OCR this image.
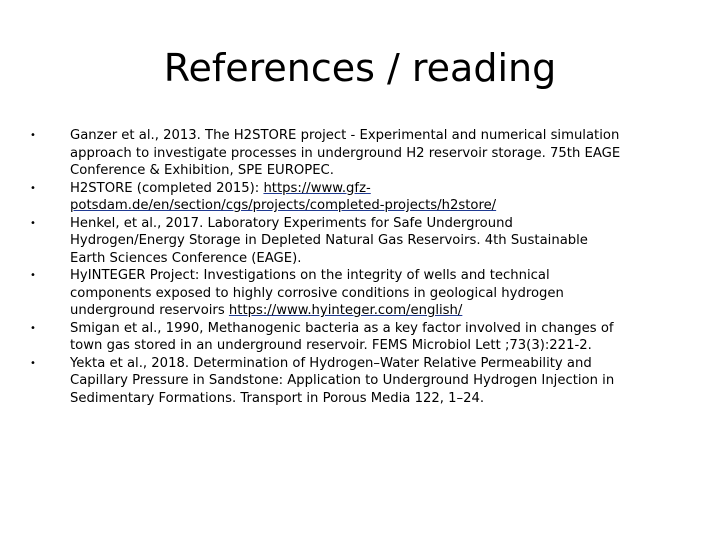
References / reading
•	Ganzer et al., 2013. The H2STORE project - Experimental and numerical simulation
approach to investigate processes in underground H2 reservoir storage. 75th EAGE
Conference & Exhibition, SPE EUROPEC.
•	H2STORE (completed 2015): https://www.gfz-
potsdam.de/en/section/cgs/projects/completed-projects/h2store/
•	Henkel, et al., 2017. Laboratory Experiments for Safe Underground
Hydrogen/Energy Storage in Depleted Natural Gas Reservoirs. 4th Sustainable
Earth Sciences Conference (EAGE).
•	HyINTEGER Project: Investigations on the integrity of wells and technical
components exposed to highly corrosive conditions in geological hydrogen
underground reservoirs https://www.hyinteger.com/english/
•	Smigan et al., 1990, Methanogenic bacteria as a key factor involved in changes of
town gas stored in an underground reservoir. FEMS Microbiol Lett ;73(3):221-2.
•	Yekta et al., 2018. Determination of Hydrogen–Water Relative Permeability and
Capillary Pressure in Sandstone: Application to Underground Hydrogen Injection in
Sedimentary Formations. Transport in Porous Media 122, 1–24.
